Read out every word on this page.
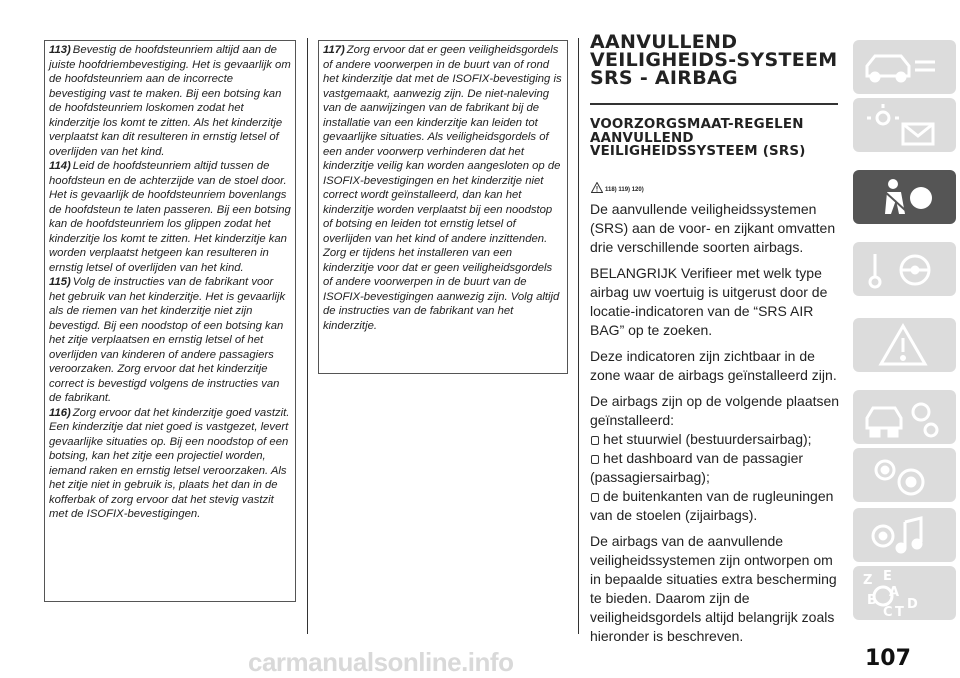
113) Bevestig de hoofdsteunriem altijd aan de juiste hoofdriembevestiging. Het is gevaarlijk om de hoofdsteunriem aan de incorrecte bevestiging vast te maken. Bij een botsing kan de hoofdsteunriem loskomen zodat het kinderzitje los komt te zitten. Als het kinderzitje verplaatst kan dit resulteren in ernstig letsel of overlijden van het kind.

114) Leid de hoofdsteunriem altijd tussen de hoofdsteun en de achterzijde van de stoel door. Het is gevaarlijk de hoofdsteunriem bovenlangs de hoofdsteun te laten passeren. Bij een botsing kan de hoofdsteunriem los glippen zodat het kinderzitje los komt te zitten. Het kinderzitje kan worden verplaatst hetgeen kan resulteren in ernstig letsel of overlijden van het kind.

115) Volg de instructies van de fabrikant voor het gebruik van het kinderzitje. Het is gevaarlijk als de riemen van het kinderzitje niet zijn bevestigd. Bij een noodstop of een botsing kan het zitje verplaatsen en ernstig letsel of het overlijden van kinderen of andere passagiers veroorzaken. Zorg ervoor dat het kinderzitje correct is bevestigd volgens de instructies van de fabrikant.

116) Zorg ervoor dat het kinderzitje goed vastzit. Een kinderzitje dat niet goed is vastgezet, levert gevaarlijke situaties op. Bij een noodstop of een botsing, kan het zitje een projectiel worden, iemand raken en ernstig letsel veroorzaken. Als het zitje niet in gebruik is, plaats het dan in de kofferbak of zorg ervoor dat het stevig vastzit met de ISOFIX-bevestigingen.

117) Zorg ervoor dat er geen veiligheidsgordels of andere voorwerpen in de buurt van of rond het kinderzitje dat met de ISOFIX-bevestiging is vastgemaakt, aanwezig zijn. De niet-naleving van de aanwijzingen van de fabrikant bij de installatie van een kinderzitje kan leiden tot gevaarlijke situaties. Als veiligheidsgordels of een ander voorwerp verhinderen dat het kinderzitje veilig kan worden aangesloten op de ISOFIX-bevestigingen en het kinderzitje niet correct wordt geïnstalleerd, dan kan het kinderzitje worden verplaatst bij een noodstop of botsing en leiden tot ernstig letsel of overlijden van het kind of andere inzittenden. Zorg er tijdens het installeren van een kinderzitje voor dat er geen veiligheidsgordels of andere voorwerpen in de buurt van de ISOFIX-bevestigingen aanwezig zijn. Volg altijd de instructies van de fabrikant van het kinderzitje.

AANVULLEND VEILIGHEIDS-SYSTEEM SRS - AIRBAG
VOORZORGSMAAT-REGELEN AANVULLEND VEILIGHEIDSSYSTEEM (SRS)
118) 119) 120)

De aanvullende veiligheidssystemen (SRS) aan de voor- en zijkant omvatten drie verschillende soorten airbags.

BELANGRIJK Verifieer met welk type airbag uw voertuig is uitgerust door de locatie-indicatoren van de “SRS AIR BAG” op te zoeken.

Deze indicatoren zijn zichtbaar in de zone waar de airbags geïnstalleerd zijn.

De airbags zijn op de volgende plaatsen geïnstalleerd:

het stuurwiel (bestuurdersairbag);
het dashboard van de passagier (passagiersairbag);
de buitenkanten van de rugleuningen van de stoelen (zijairbags).

De airbags van de aanvullende veiligheidssystemen zijn ontworpen om in bepaalde situaties extra bescherming te bieden. Daarom zijn de veiligheidsgordels altijd belangrijk zoals hieronder is beschreven.

Z E
B
A
C T
D
107
carmanualsonline.info
